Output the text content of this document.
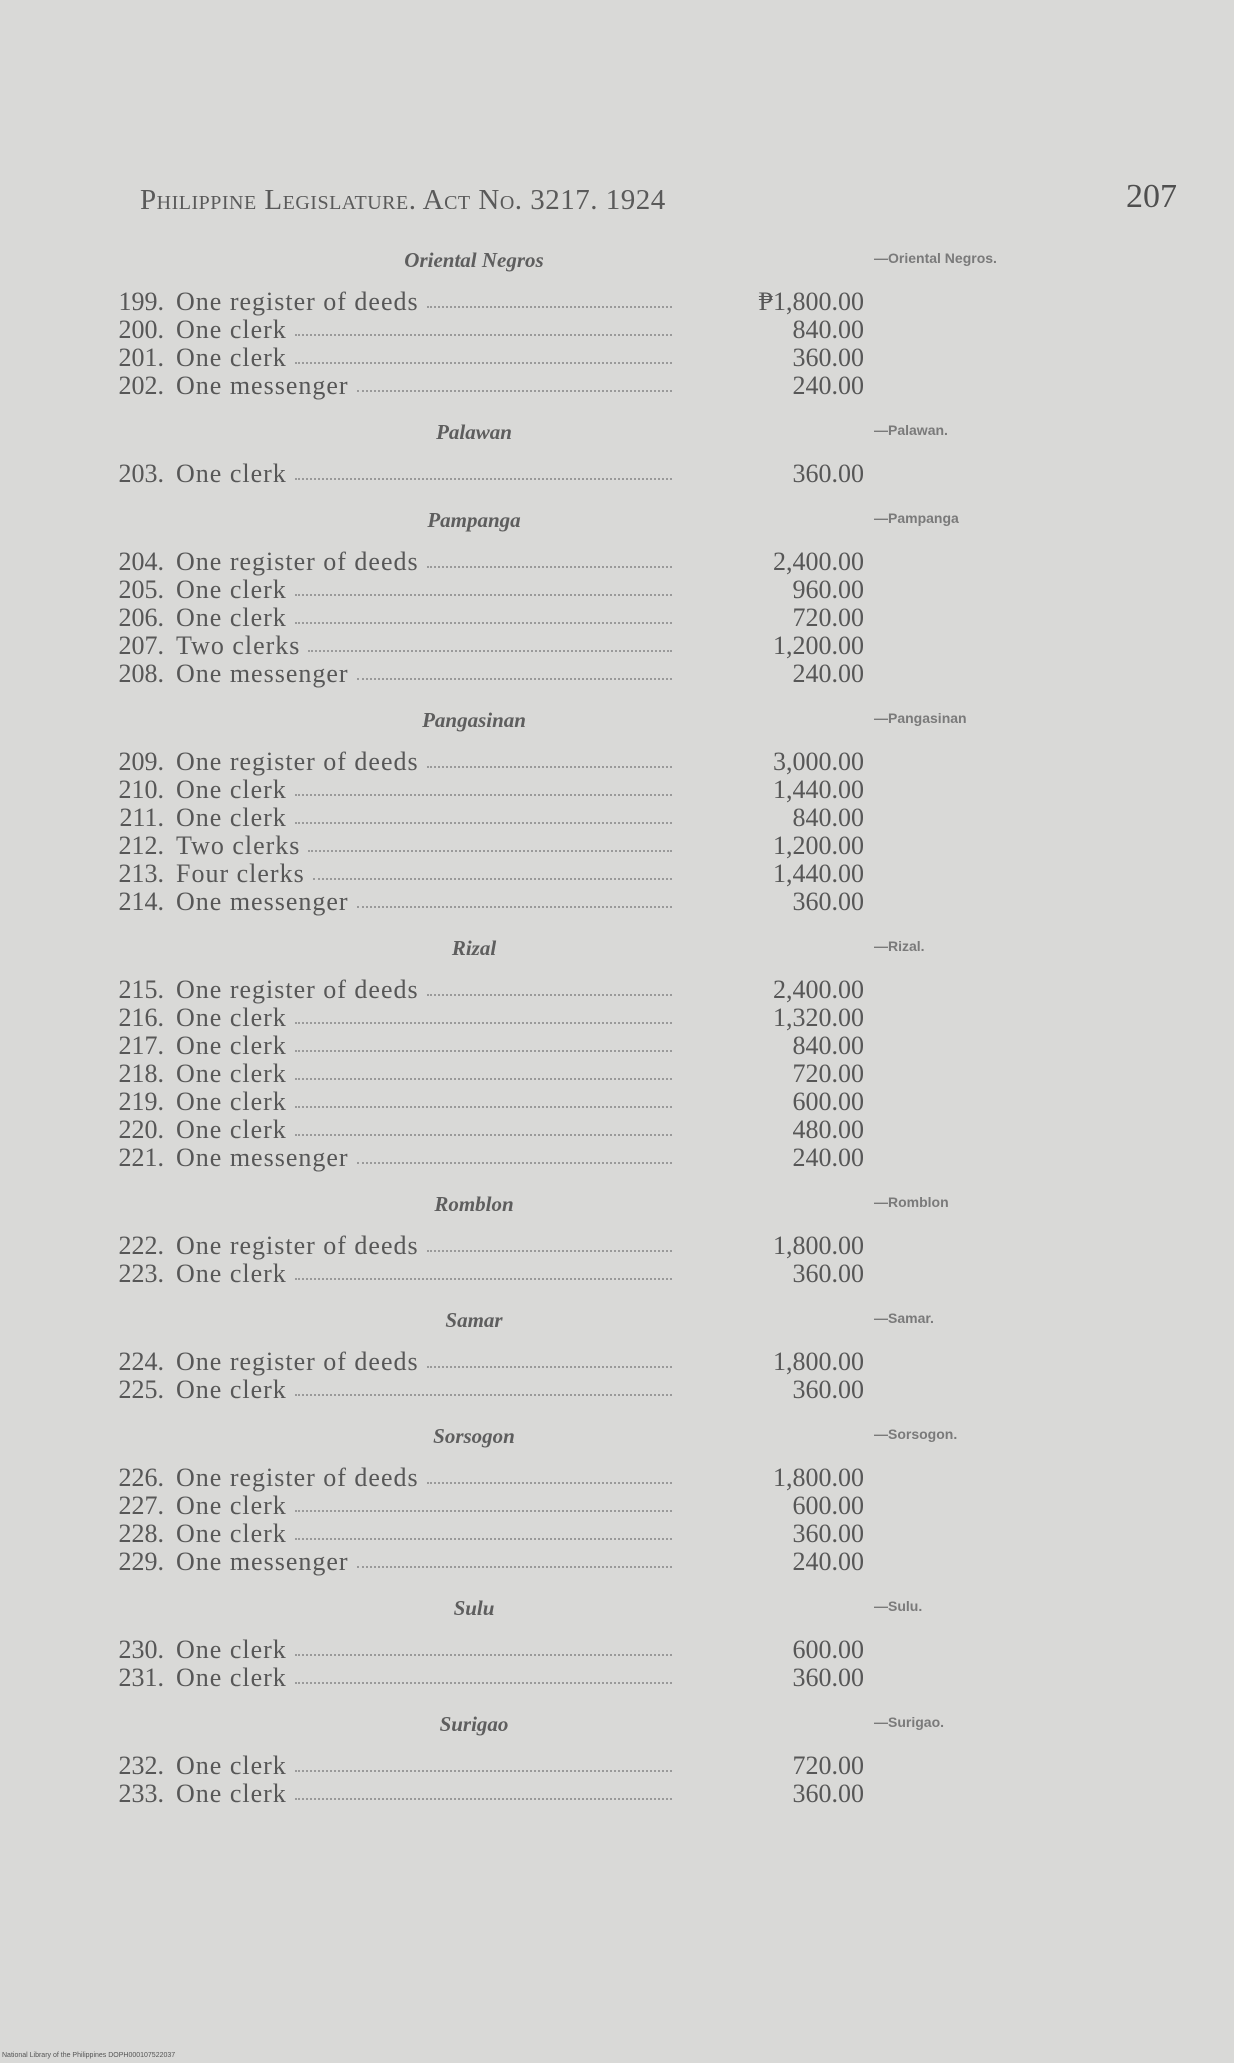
Philippine Legislature. Act No. 3217. 1924	207
Oriental Negros	—Oriental Negros.
199. One register of deeds	₱1,800.00
200. One clerk	840.00
201. One clerk	360.00
202. One messenger	240.00
Palawan	—Palawan.
203. One clerk	360.00
Pampanga	—Pampanga
204. One register of deeds	2,400.00
205. One clerk	960.00
206. One clerk	720.00
207. Two clerks	1,200.00
208. One messenger	240.00
Pangasinan	—Pangasinan
209. One register of deeds	3,000.00
210. One clerk	1,440.00
211. One clerk	840.00
212. Two clerks	1,200.00
213. Four clerks	1,440.00
214. One messenger	360.00
Rizal	—Rizal.
215. One register of deeds	2,400.00
216. One clerk	1,320.00
217. One clerk	840.00
218. One clerk	720.00
219. One clerk	600.00
220. One clerk	480.00
221. One messenger	240.00
Romblon	—Romblon
222. One register of deeds	1,800.00
223. One clerk	360.00
Samar	—Samar.
224. One register of deeds	1,800.00
225. One clerk	360.00
Sorsogon	—Sorsogon.
226. One register of deeds	1,800.00
227. One clerk	600.00
228. One clerk	360.00
229. One messenger	240.00
Sulu	—Sulu.
230. One clerk	600.00
231. One clerk	360.00
Surigao	—Surigao.
232. One clerk	720.00
233. One clerk	360.00
National Library of the Philippines DOPH000107522037
